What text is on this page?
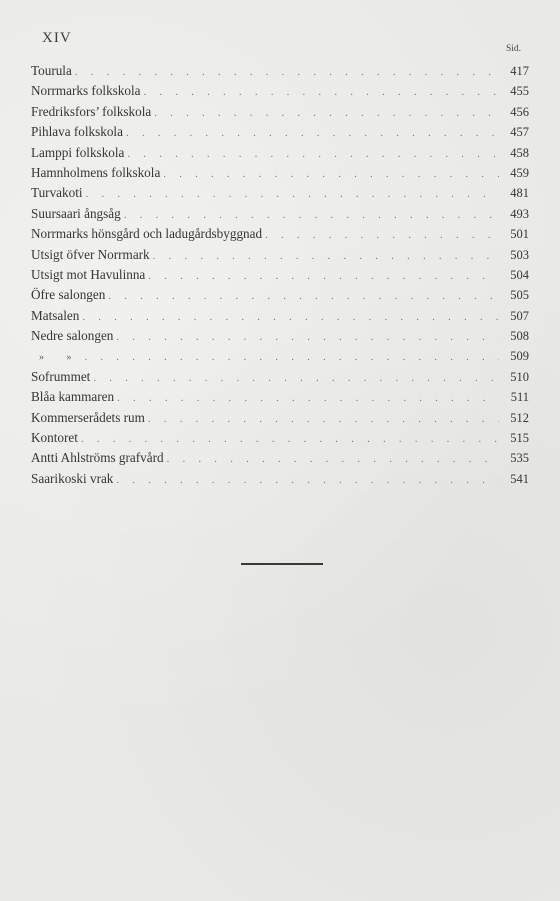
XIV
Sid.
Tourula . . .	417
Norrmarks folkskola . . .	455
Fredriksfors’ folkskola . . .	456
Pihlava folkskola . . .	457
Lamppi folkskola . . .	458
Hamnholmens folkskola . . .	459
Turvakoti . . .	481
Suursaari ångsåg . . .	493
Norrmarks hönsgård och ladugårdsbyggnad . . .	501
Utsigt öfver Norrmark . . .	503
Utsigt mot Havulinna . . .	504
Öfre salongen . . .	505
Matsalen . . .	507
Nedre salongen . . .	508
» » . . .	509
Sofrummet . . .	510
Blåa kammaren . . .	511
Kommerserådets rum . . .	512
Kontoret . . .	515
Antti Ahlströms grafvård . . .	535
Saarikoski vrak . . .	541
